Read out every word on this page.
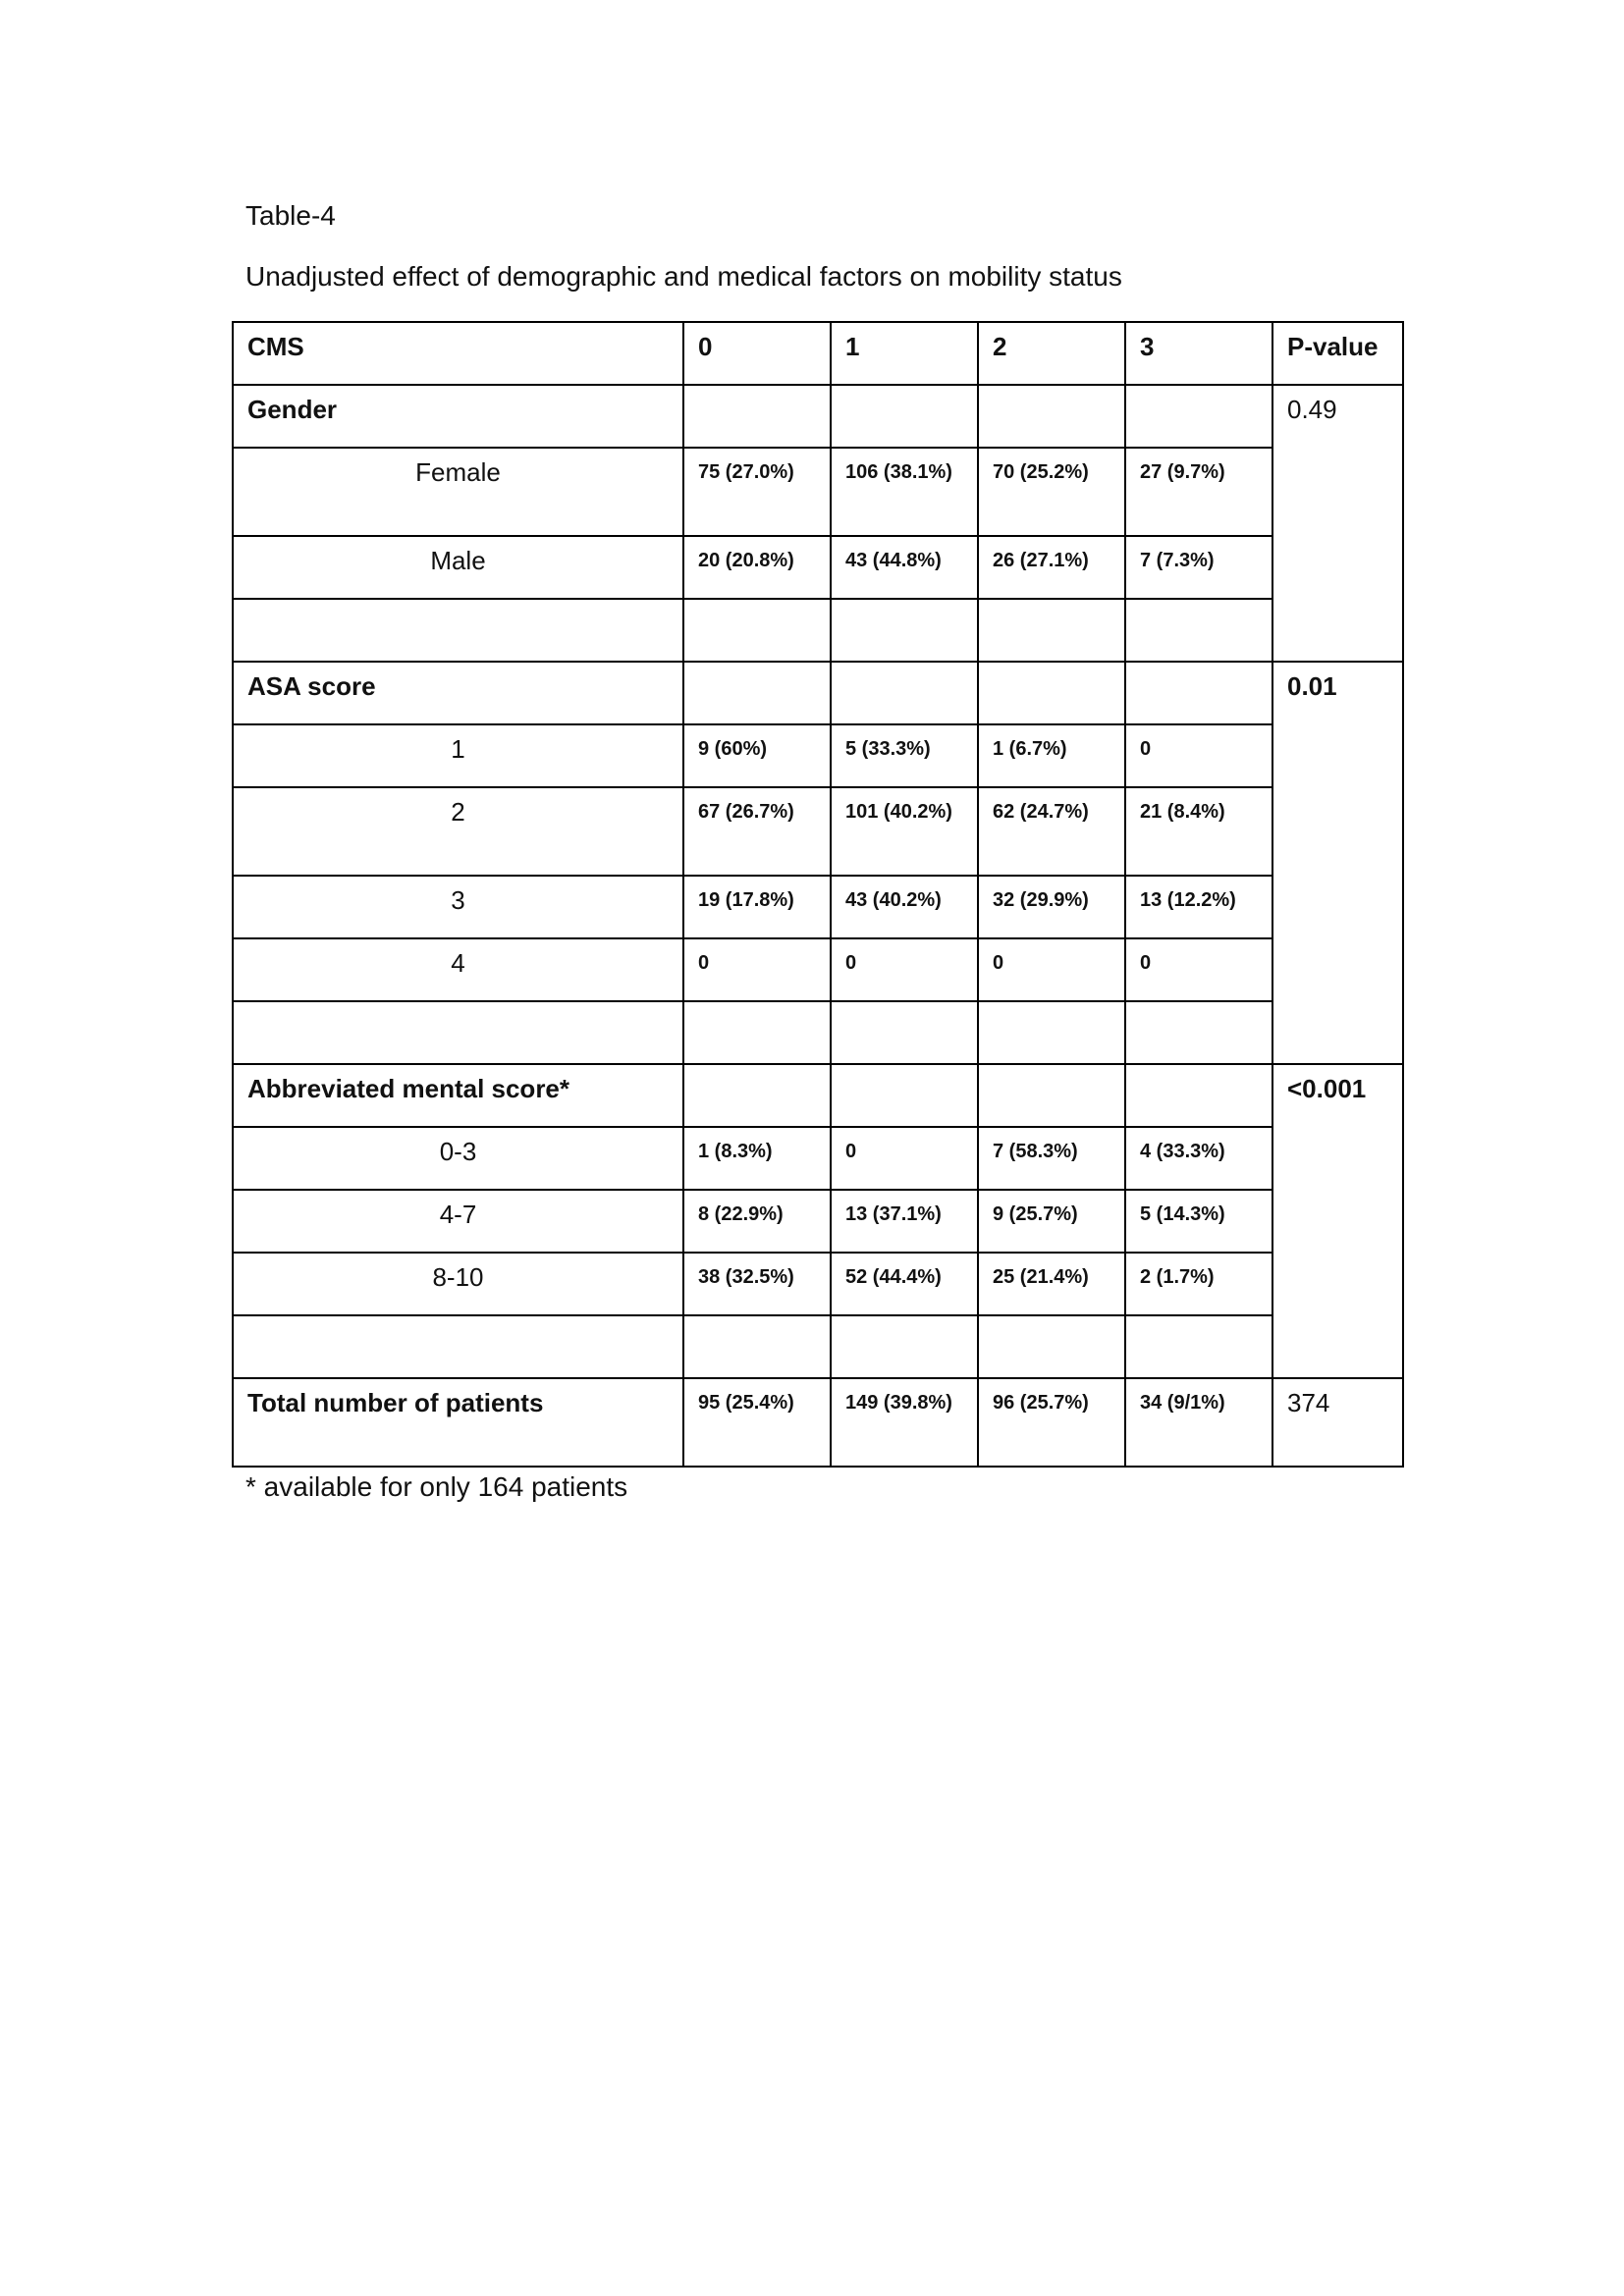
Table-4

Unadjusted effect of demographic and medical factors on mobility status

CMS	0	1	2	3	P-value
Gender					0.49
Female	75 (27.0%)	106 (38.1%)	70 (25.2%)	27 (9.7%)	
Male	20 (20.8%)	43 (44.8%)	26 (27.1%)	7 (7.3%)	

ASA score					0.01
1	9 (60%)	5 (33.3%)	1 (6.7%)	0	
2	67 (26.7%)	101 (40.2%)	62 (24.7%)	21 (8.4%)	
3	19 (17.8%)	43 (40.2%)	32 (29.9%)	13 (12.2%)	
4	0	0	0	0	

Abbreviated mental score*					<0.001
0-3	1 (8.3%)	0	7 (58.3%)	4 (33.3%)	
4-7	8 (22.9%)	13 (37.1%)	9 (25.7%)	5 (14.3%)	
8-10	38 (32.5%)	52 (44.4%)	25 (21.4%)	2 (1.7%)	

Total number of patients	95 (25.4%)	149 (39.8%)	96 (25.7%)	34 (9/1%)	374

* available for only 164 patients
